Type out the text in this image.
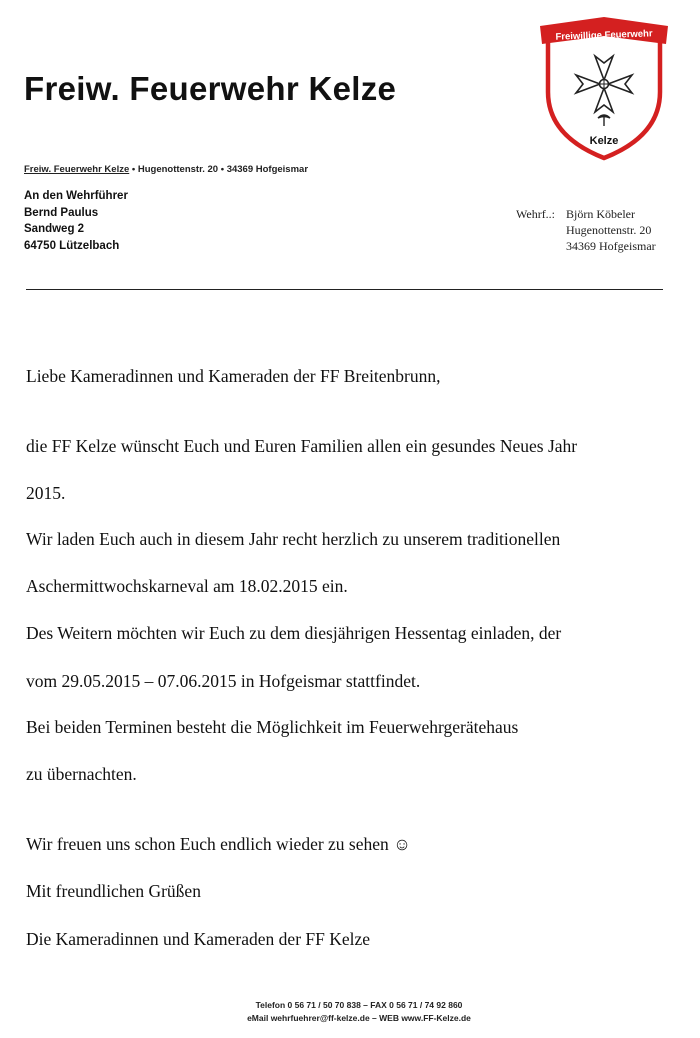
Freiw. Feuerwehr Kelze
Freiwillige Feuerwehr
Kelze
Freiw. Feuerwehr Kelze • Hugenottenstr. 20 • 34369 Hofgeismar
An den Wehrführer
Bernd Paulus
Sandweg 2
64750 Lützelbach
Wehrf..: Björn Köbeler
Hugenottenstr. 20
34369 Hofgeismar

Liebe Kameradinnen und Kameraden der FF Breitenbrunn,

die FF Kelze wünscht Euch und Euren Familien allen ein gesundes Neues Jahr

2015.

Wir laden Euch auch in diesem Jahr recht herzlich zu unserem traditionellen

Aschermittwochskarneval am 18.02.2015 ein.

Des Weitern möchten wir Euch zu dem diesjährigen Hessentag einladen, der

vom 29.05.2015 – 07.06.2015 in Hofgeismar stattfindet.

Bei beiden Terminen besteht die Möglichkeit im Feuerwehrgerätehaus

zu übernachten.

Wir freuen uns schon Euch endlich wieder zu sehen ☺

Mit freundlichen Grüßen

Die Kameradinnen und Kameraden der FF Kelze

Telefon 0 56 71 / 50 70 838 – FAX 0 56 71 / 74 92 860
eMail wehrfuehrer@ff-kelze.de – WEB www.FF-Kelze.de
